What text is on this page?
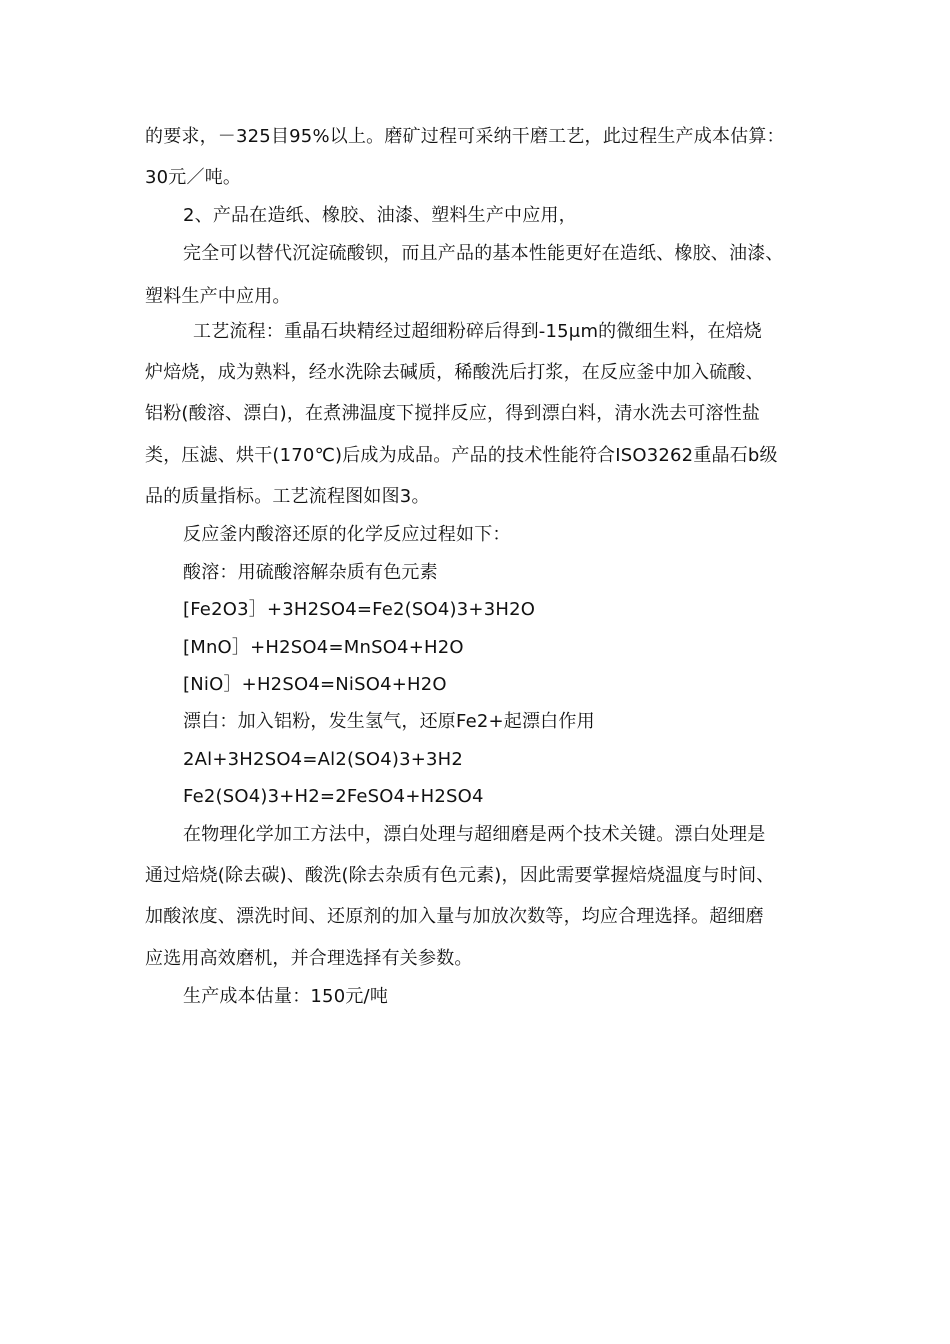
的要求，－325目95%以上。磨矿过程可采纳干磨工艺，此过程生产成本估算：

30元／吨。

2、产品在造纸、橡胶、油漆、塑料生产中应用，

完全可以替代沉淀硫酸钡，而且产品的基本性能更好在造纸、橡胶、油漆、

塑料生产中应用。

工艺流程：重晶石块精经过超细粉碎后得到-15μm的微细生料，在焙烧

炉焙烧，成为熟料，经水洗除去碱质，稀酸洗后打浆，在反应釜中加入硫酸、

铝粉(酸溶、漂白)，在煮沸温度下搅拌反应，得到漂白料，清水洗去可溶性盐

类，压滤、烘干(170℃)后成为成品。产品的技术性能符合ISO3262重晶石b级

品的质量指标。工艺流程图如图3。

反应釜内酸溶还原的化学反应过程如下：

酸溶：用硫酸溶解杂质有色元素

[Fe2O3］+3H2SO4=Fe2(SO4)3+3H2O

[MnO］+H2SO4=MnSO4+H2O

[NiO］+H2SO4=NiSO4+H2O

漂白：加入铝粉，发生氢气，还原Fe2+起漂白作用

2Al+3H2SO4=Al2(SO4)3+3H2

Fe2(SO4)3+H2=2FeSO4+H2SO4

在物理化学加工方法中，漂白处理与超细磨是两个技术关键。漂白处理是

通过焙烧(除去碳)、酸洗(除去杂质有色元素)，因此需要掌握焙烧温度与时间、

加酸浓度、漂洗时间、还原剂的加入量与加放次数等，均应合理选择。超细磨

应选用高效磨机，并合理选择有关参数。

生产成本估量：150元/吨
